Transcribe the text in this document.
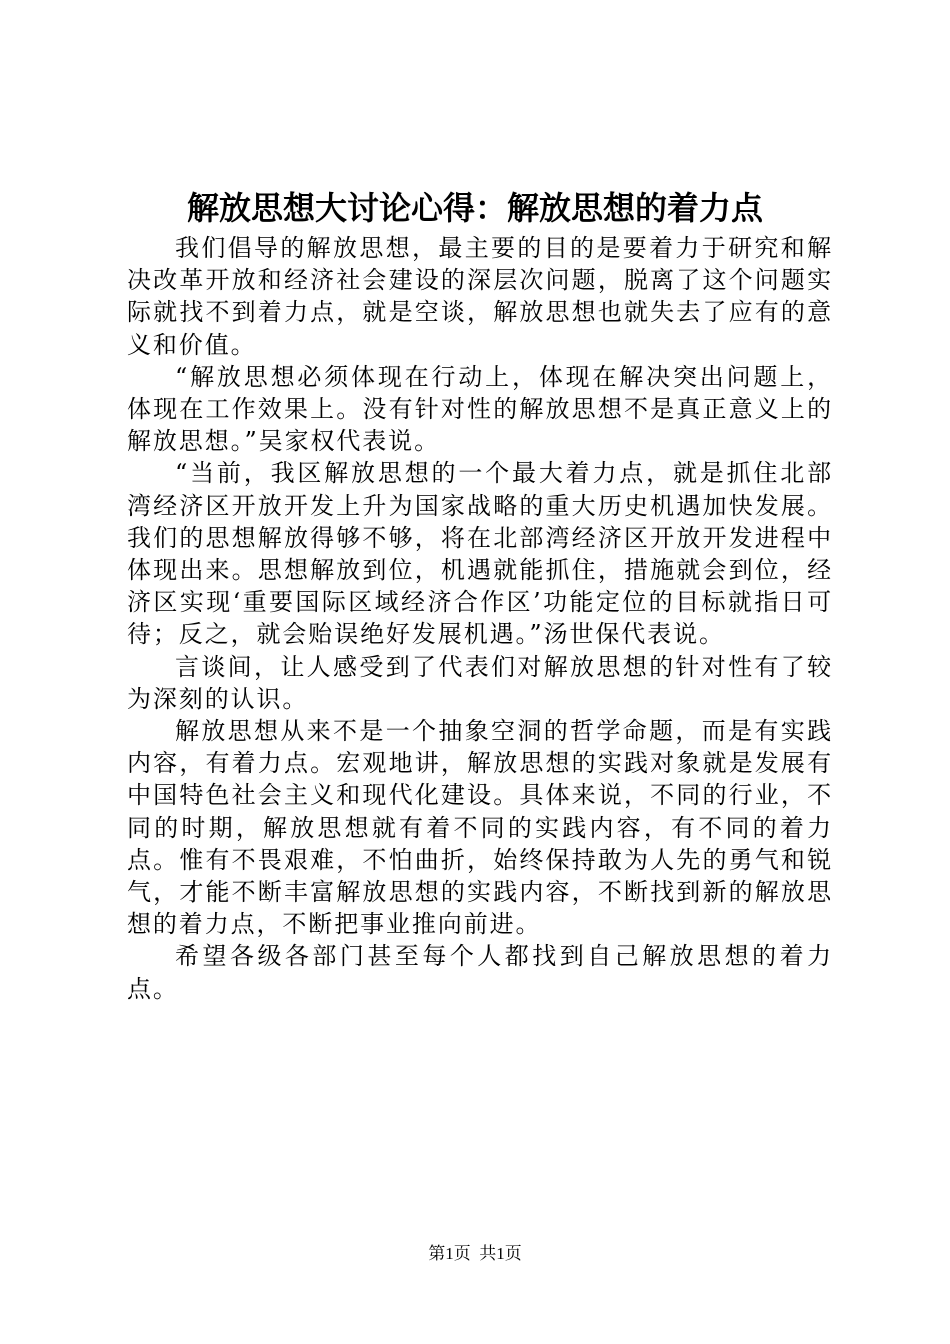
解放思想大讨论心得：解放思想的着力点

我们倡导的解放思想，最主要的目的是要着力于研究和解决改革开放和经济社会建设的深层次问题，脱离了这个问题实际就找不到着力点，就是空谈，解放思想也就失去了应有的意义和价值。

“解放思想必须体现在行动上，体现在解决突出问题上，体现在工作效果上。没有针对性的解放思想不是真正意义上的解放思想。”吴家权代表说。

“当前，我区解放思想的一个最大着力点，就是抓住北部湾经济区开放开发上升为国家战略的重大历史机遇加快发展。我们的思想解放得够不够，将在北部湾经济区开放开发进程中体现出来。思想解放到位，机遇就能抓住，措施就会到位，经济区实现‘重要国际区域经济合作区’功能定位的目标就指日可待；反之，就会贻误绝好发展机遇。”汤世保代表说。

言谈间，让人感受到了代表们对解放思想的针对性有了较为深刻的认识。

解放思想从来不是一个抽象空洞的哲学命题，而是有实践内容，有着力点。宏观地讲，解放思想的实践对象就是发展有中国特色社会主义和现代化建设。具体来说，不同的行业，不同的时期，解放思想就有着不同的实践内容，有不同的着力点。惟有不畏艰难，不怕曲折，始终保持敢为人先的勇气和锐气，才能不断丰富解放思想的实践内容，不断找到新的解放思想的着力点，不断把事业推向前进。

希望各级各部门甚至每个人都找到自己解放思想的着力点。

第1页 共1页
